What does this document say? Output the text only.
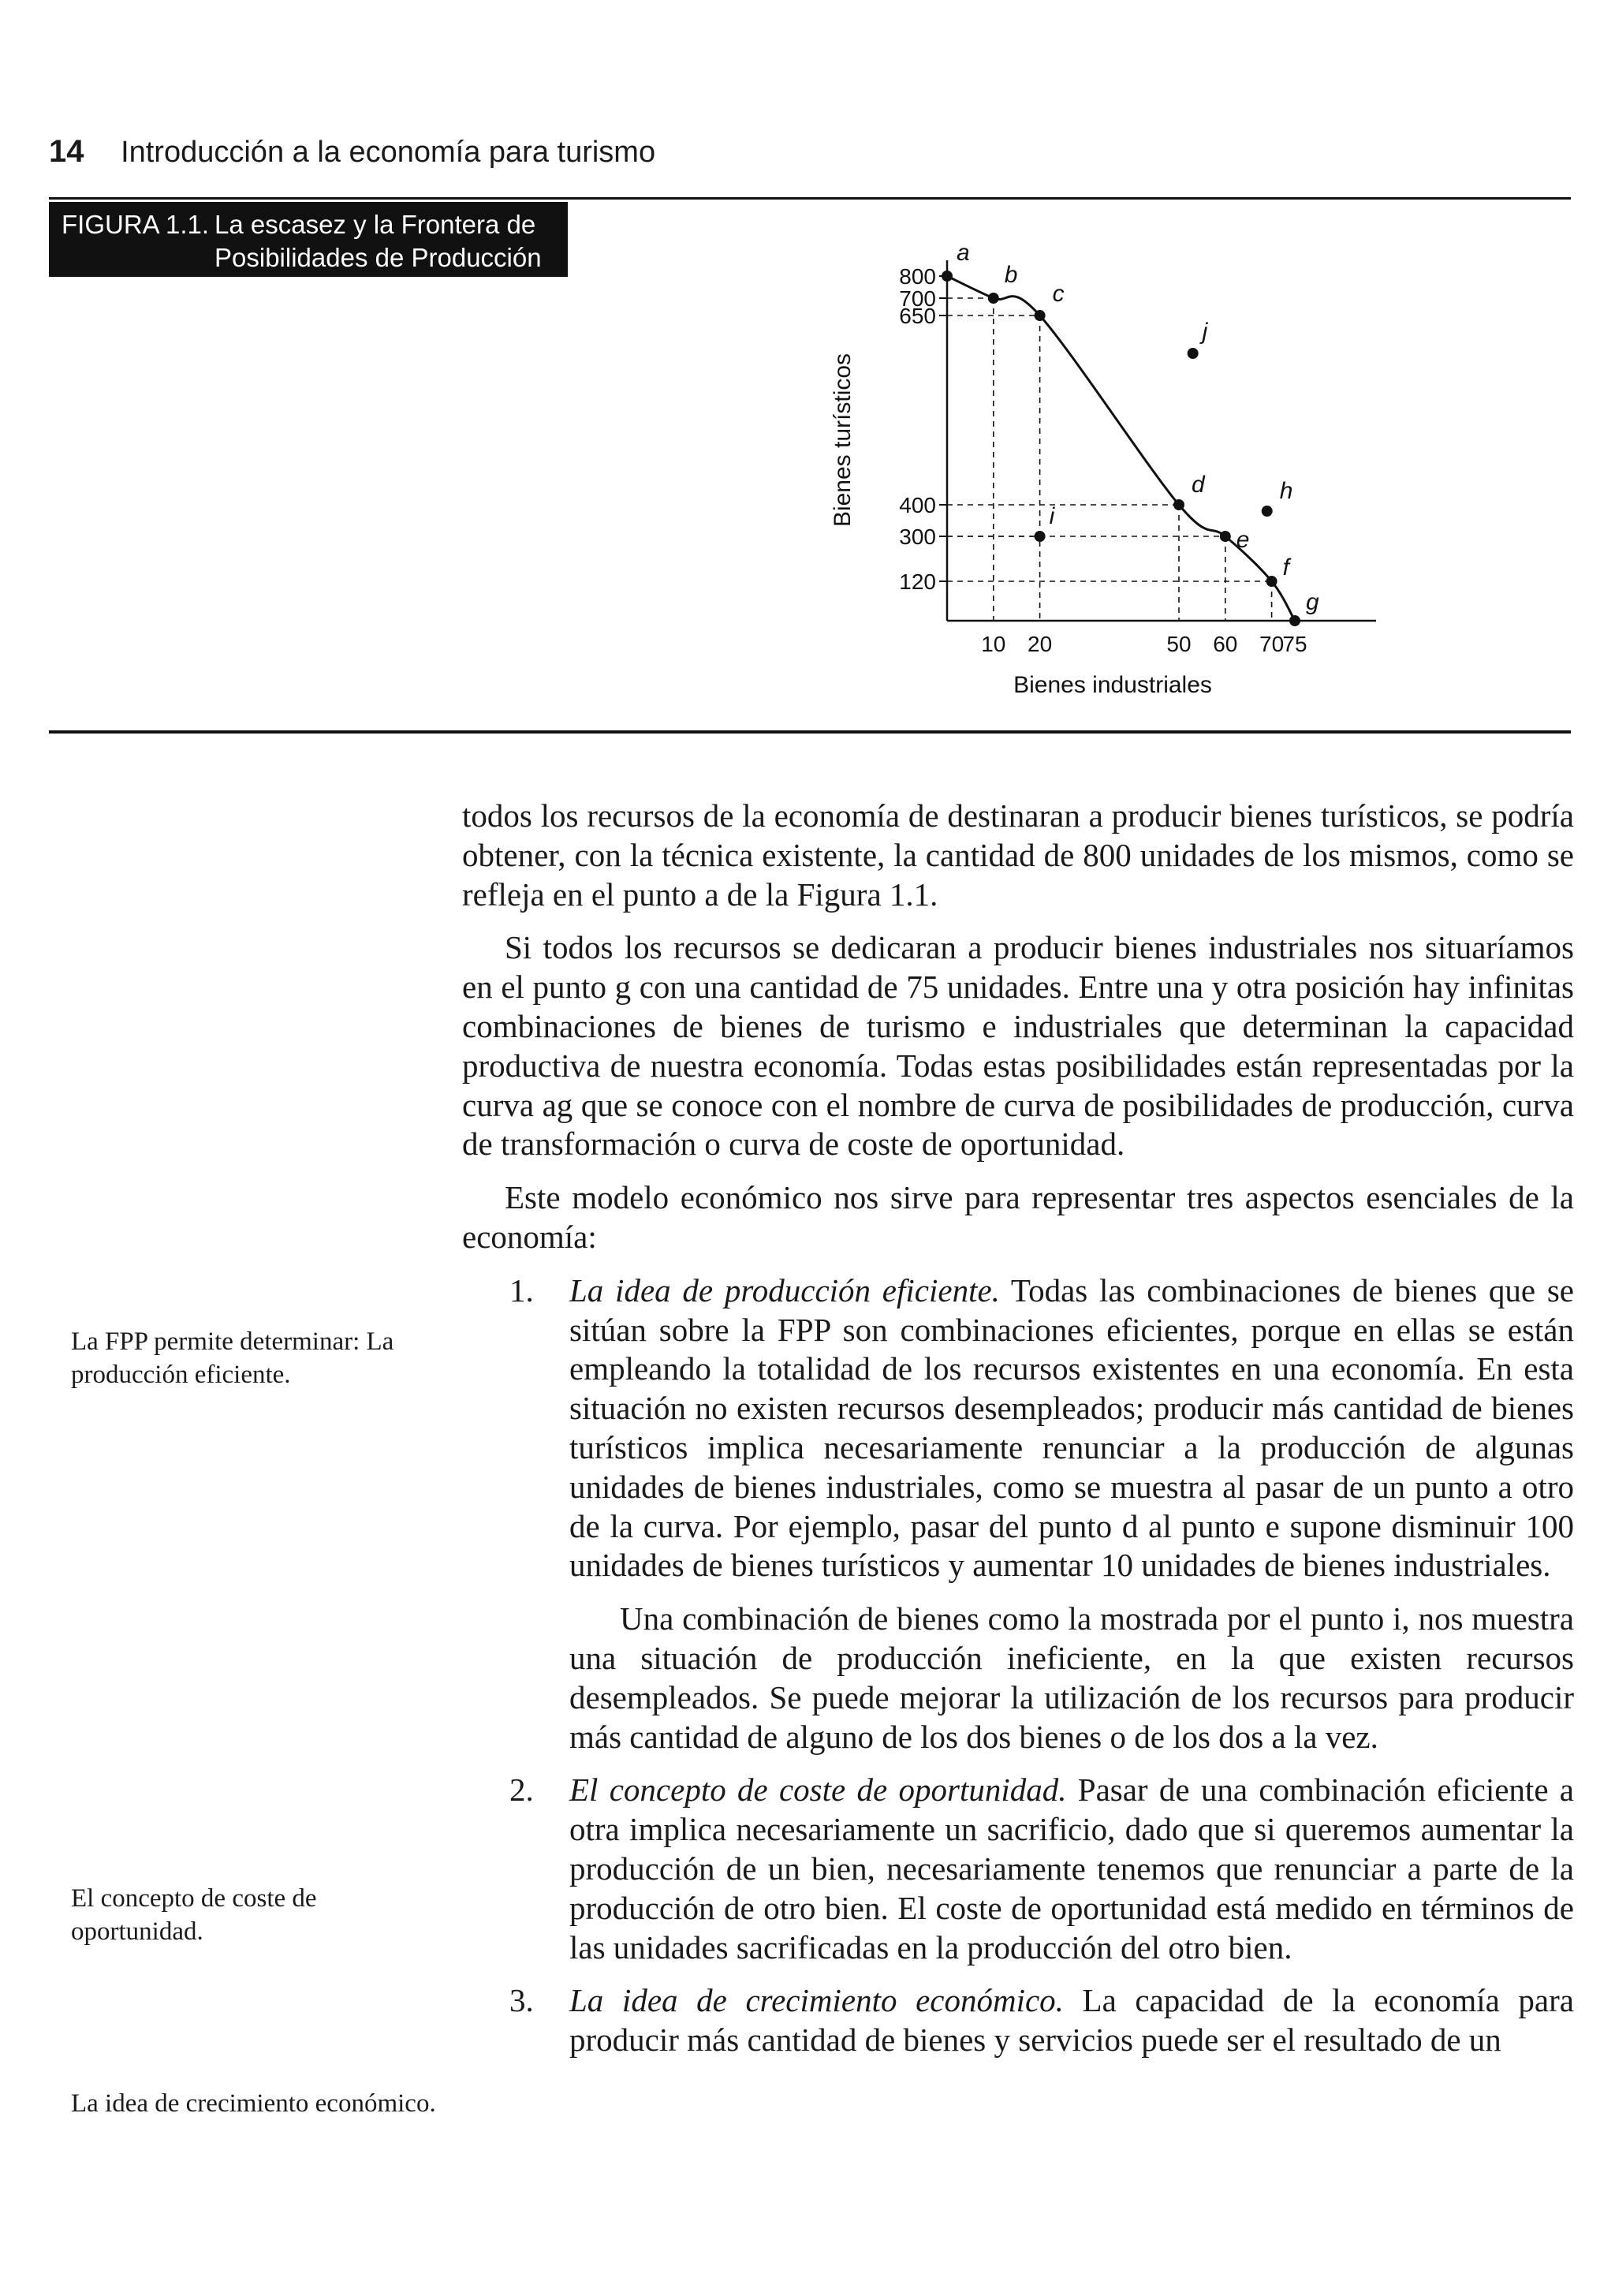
14 Introducción a la economía para turismo
FIGURA 1.1. La escasez y la Frontera de Posibilidades de Producción (FPP)	800
700
650
400
300
120
10 20	50 60 70
75
a
b
c
d
e
f
g
i
j
h
Bienes turísticos
Bienes industriales
La FPP permite determinar: La producción eficiente.
El concepto de coste de oportunidad.
La idea de crecimiento económico.

todos los recursos de la economía de destinaran a producir bienes turísticos, se podría obtener, con la técnica existente, la cantidad de 800 unidades de los mismos, como se refleja en el punto a de la Figura 1.1.

Si todos los recursos se dedicaran a producir bienes industriales nos situaríamos en el punto g con una cantidad de 75 unidades. Entre una y otra posición hay infinitas combinaciones de bienes de turismo e industriales que determinan la capacidad productiva de nuestra economía. Todas estas posibilidades están representadas por la curva ag que se conoce con el nombre de curva de posibilidades de producción, curva de transformación o curva de coste de oportunidad.

Este modelo económico nos sirve para representar tres aspectos esenciales de la economía:

1. La idea de producción eficiente. Todas las combinaciones de bienes que se sitúan sobre la FPP son combinaciones eficientes, porque en ellas se están empleando la totalidad de los recursos existentes en una economía. En esta situación no existen recursos desempleados; producir más cantidad de bienes turísticos implica necesariamente renunciar a la producción de algunas unidades de bienes industriales, como se muestra al pasar de un punto a otro de la curva. Por ejemplo, pasar del punto d al punto e supone disminuir 100 unidades de bienes turísticos y aumentar 10 unidades de bienes industriales.

Una combinación de bienes como la mostrada por el punto i, nos muestra una situación de producción ineficiente, en la que existen recursos desempleados. Se puede mejorar la utilización de los recursos para producir más cantidad de alguno de los dos bienes o de los dos a la vez.

2. El concepto de coste de oportunidad. Pasar de una combinación eficiente a otra implica necesariamente un sacrificio, dado que si queremos aumentar la producción de un bien, necesariamente tenemos que renunciar a parte de la producción de otro bien. El coste de oportunidad está medido en términos de las unidades sacrificadas en la producción del otro bien.
3. La idea de crecimiento económico. La capacidad de la economía para producir más cantidad de bienes y servicios puede ser el resultado de un
